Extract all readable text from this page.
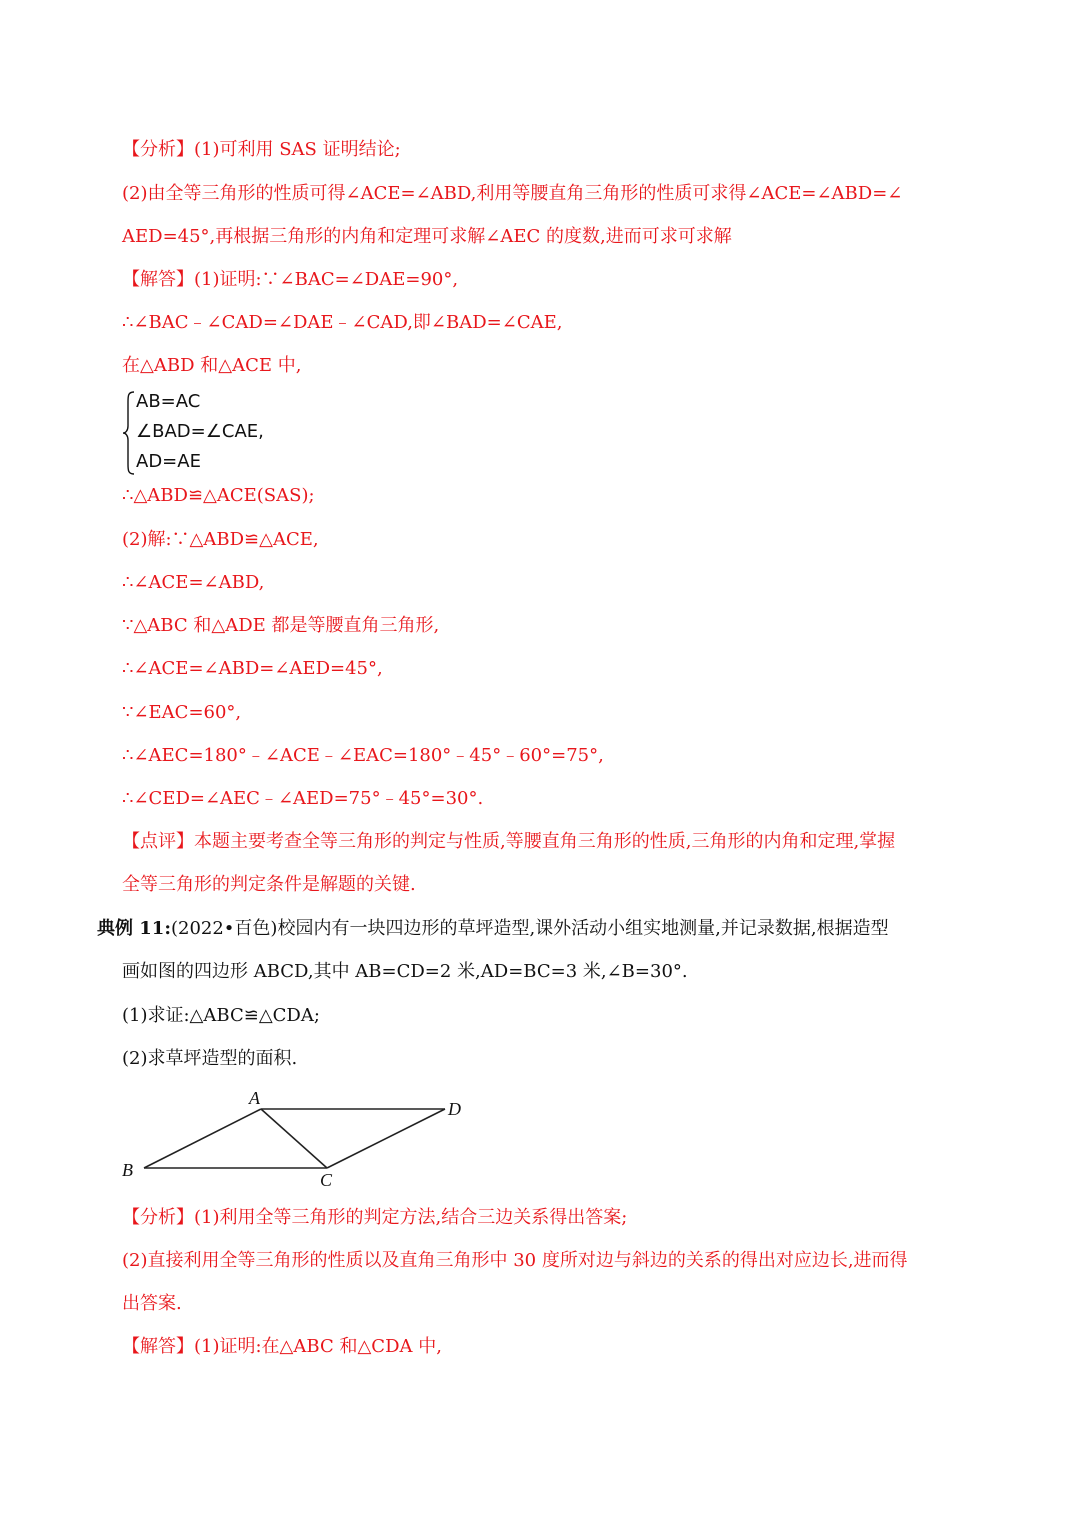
【分析】(1)可利用 SAS 证明结论;
(2)由全等三角形的性质可得∠ACE=∠ABD,利用等腰直角三角形的性质可求得∠ACE=∠ABD=∠
AED=45°,再根据三角形的内角和定理可求解∠AEC 的度数,进而可求可求解
【解答】(1)证明:∵∠BAC=∠DAE=90°,
∴∠BAC﹣∠CAD=∠DAE﹣∠CAD,即∠BAD=∠CAE,
在△ABD 和△ACE 中,
AB=AC
∠BAD=∠CAE,
AD=AE
∴△ABD≌△ACE(SAS);
(2)解:∵△ABD≌△ACE,
∴∠ACE=∠ABD,
∵△ABC 和△ADE 都是等腰直角三角形,
∴∠ACE=∠ABD=∠AED=45°,
∵∠EAC=60°,
∴∠AEC=180°﹣∠ACE﹣∠EAC=180°﹣45°﹣60°=75°,
∴∠CED=∠AEC﹣∠AED=75°﹣45°=30°.
【点评】本题主要考查全等三角形的判定与性质,等腰直角三角形的性质,三角形的内角和定理,掌握
全等三角形的判定条件是解题的关键.
典例 11:(2022•百色)校园内有一块四边形的草坪造型,课外活动小组实地测量,并记录数据,根据造型
画如图的四边形 ABCD,其中 AB=CD=2 米,AD=BC=3 米,∠B=30°.
(1)求证:△ABC≌△CDA;
(2)求草坪造型的面积.
A
B	C
D
【分析】(1)利用全等三角形的判定方法,结合三边关系得出答案;
(2)直接利用全等三角形的性质以及直角三角形中 30 度所对边与斜边的关系的得出对应边长,进而得
出答案.
【解答】(1)证明:在△ABC 和△CDA 中,
